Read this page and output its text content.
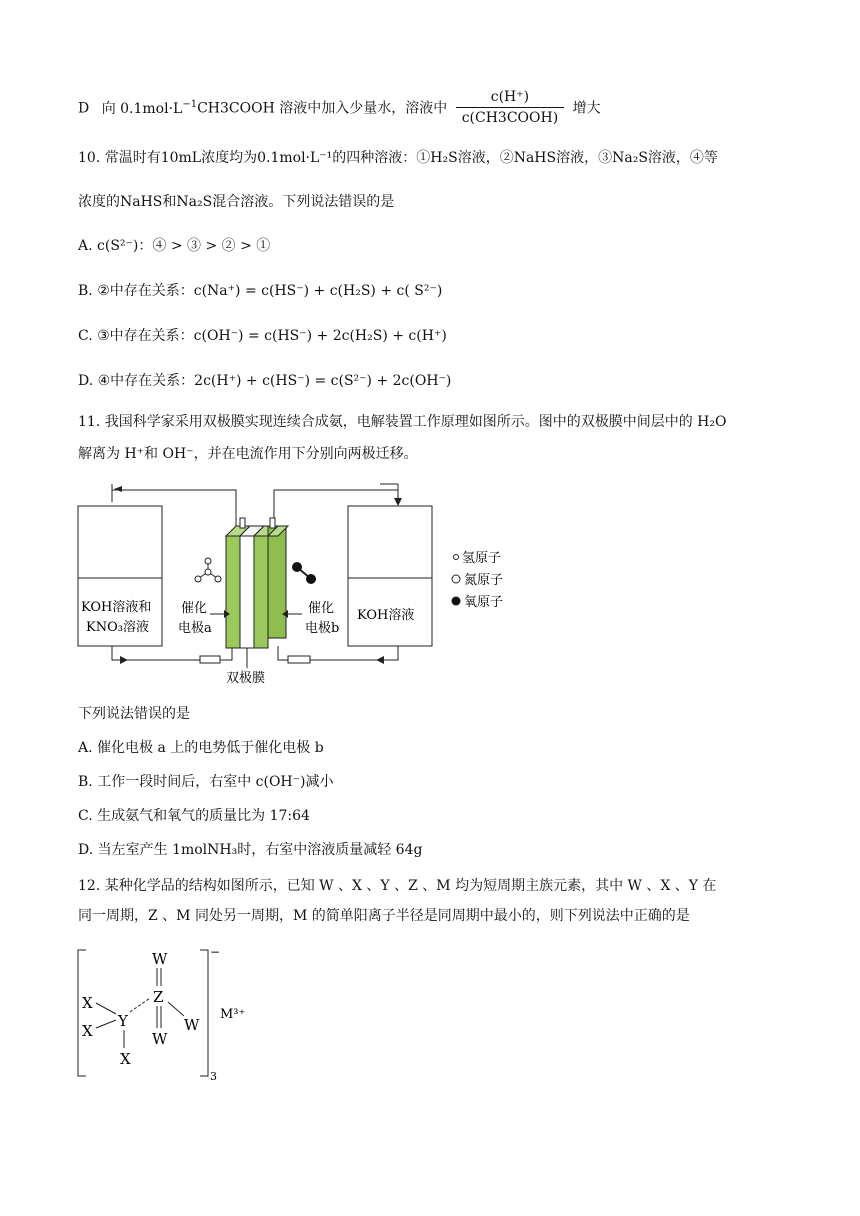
D 向 $0.1mol\cdot L^{-1}CH3COOH$ 溶液中加入少量水，溶液中 $\frac{c(H^+)}{\text{c(CH3COOH)}}$ 增大
10. 常温时有10mL浓度均为0.1mol·L⁻¹的四种溶液：①H₂S溶液，②NaHS溶液，③Na₂S溶液，④等
浓度的NaHS和Na₂S混合溶液。下列说法错误的是
A. c(S²⁻)：④ > ③ > ② > ①
B. ②中存在关系：c(Na⁺) = c(HS⁻) + c(H₂S) + c( S²⁻)
C. ③中存在关系：c(OH⁻) = c(HS⁻) + 2c(H₂S) + c(H⁺)
D. ④中存在关系：2c(H⁺) + c(HS⁻) = c(S²⁻) + 2c(OH⁻)
11. 我国科学家采用双极膜实现连续合成氨，电解装置工作原理如图所示。图中的双极膜中间层中的 H₂O
解离为 H⁺和 OH⁻，并在电流作用下分别向两极迁移。
氢原子
氮原子
氧原子
KOH溶液和
KNO₃溶液
催化
电极a
催化
电极b
KOH溶液
双极膜
下列说法错误的是
A. 催化电极 a 上的电势低于催化电极 b
B. 工作一段时间后，右室中 c(OH⁻)减小
C. 生成氨气和氧气的质量比为 17:64
D. 当左室产生 1molNH₃时，右室中溶液质量减轻 64g
12. 某种化学品的结构如图所示，已知 W 、X 、Y 、Z 、M 均为短周期主族元素，其中 W 、X 、Y 在
同一周期，Z 、M 同处另一周期，M 的简单阳离子半径是同周期中最小的，则下列说法中正确的是
−
3
M³⁺
W
Z
W
W
X
X
Y
X
